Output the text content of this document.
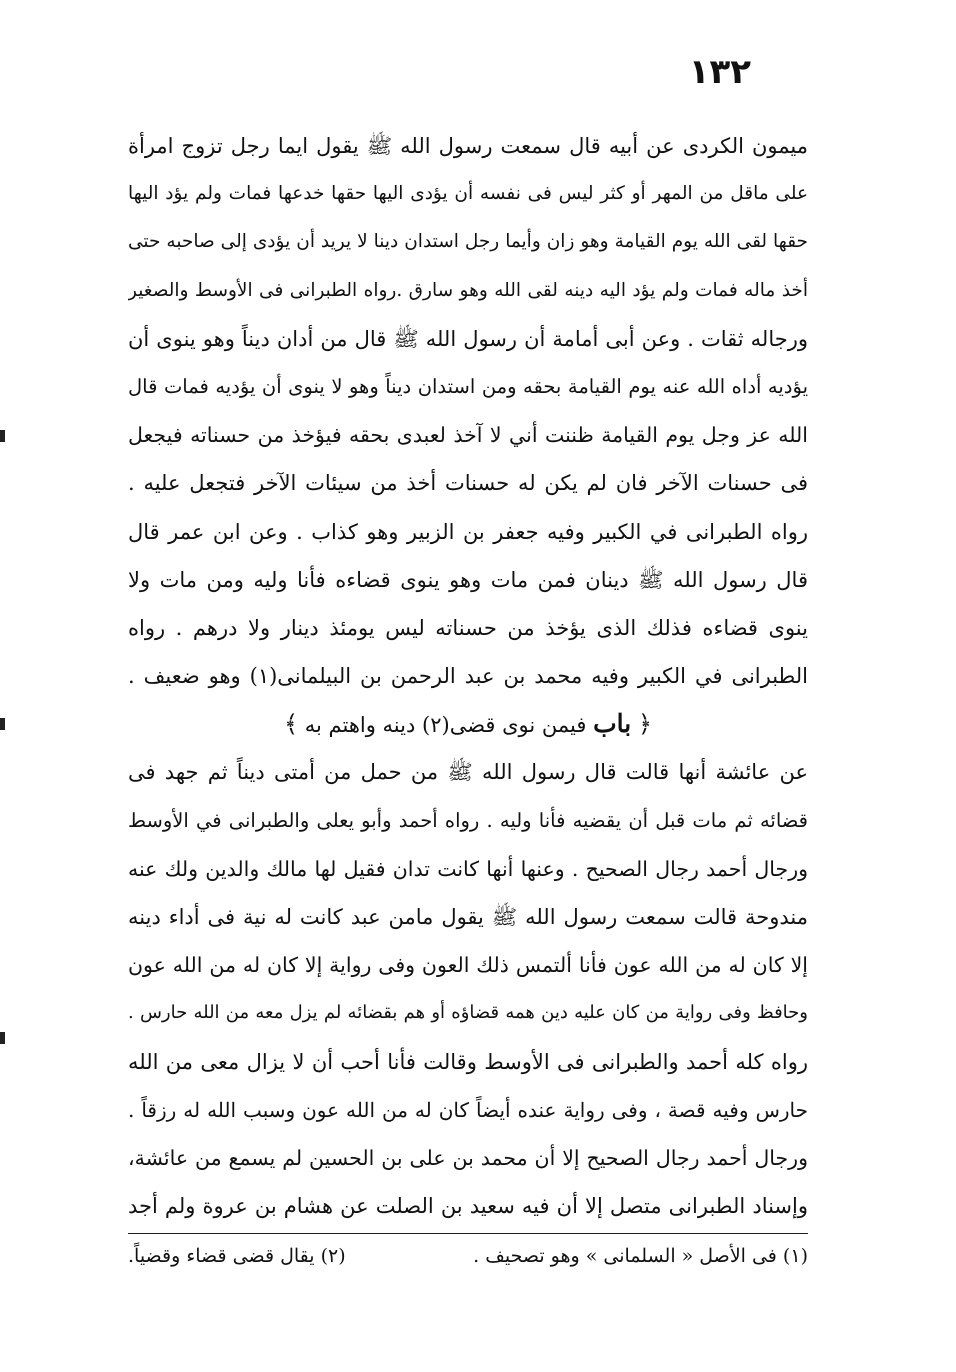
١٣٢
ميمون الكردى عن أبيه قال سمعت رسول الله ﷺ يقول ايما رجل تزوج امرأة
على ماقل من المهر أو كثر ليس فى نفسه أن يؤدى اليها حقها خدعها فمات ولم يؤد اليها
حقها لقى الله يوم القيامة وهو زان وأيما رجل استدان دينا لا يريد أن يؤدى إلى صاحبه حتى
أخذ ماله فمات ولم يؤد اليه دينه لقى الله وهو سارق .رواه الطبرانى فى الأوسط والصغير
ورجاله ثقات . وعن أبى أمامة أن رسول الله ﷺ قال من أدان ديناً وهو ينوى أن
يؤديه أداه الله عنه يوم القيامة بحقه ومن استدان ديناً وهو لا ينوى أن يؤديه فمات قال
الله عز وجل يوم القيامة ظننت أني لا آخذ لعبدى بحقه فيؤخذ من حسناته فيجعل
فى حسنات الآخر فان لم يكن له حسنات أخذ من سيئات الآخر فتجعل عليه .
رواه الطبرانى في الكبير وفيه جعفر بن الزبير وهو كذاب . وعن ابن عمر قال
قال رسول الله ﷺ دينان فمن مات وهو ينوى قضاءه فأنا وليه ومن مات ولا
ينوى قضاءه فذلك الذى يؤخذ من حسناته ليس يومئذ دينار ولا درهم . رواه
الطبرانى في الكبير وفيه محمد بن عبد الرحمن بن البيلمانى(١) وهو ضعيف .
﴿ باب فيمن نوى قضى(٢) دينه واهتم به ﴾
عن عائشة أنها قالت قال رسول الله ﷺ من حمل من أمتى ديناً ثم جهد فى
قضائه ثم مات قبل أن يقضيه فأنا وليه . رواه أحمد وأبو يعلى والطبرانى في الأوسط
ورجال أحمد رجال الصحيح . وعنها أنها كانت تدان فقيل لها مالك والدين ولك عنه
مندوحة قالت سمعت رسول الله ﷺ يقول مامن عبد كانت له نية فى أداء دينه
إلا كان له من الله عون فأنا ألتمس ذلك العون وفى رواية إلا كان له من الله عون
وحافظ وفى رواية من كان عليه دين همه قضاؤه أو هم بقضائه لم يزل معه من الله حارس .
رواه كله أحمد والطبرانى فى الأوسط وقالت فأنا أحب أن لا يزال معى من الله
حارس وفيه قصة ، وفى رواية عنده أيضاً كان له من الله عون وسبب الله له رزقاً .
ورجال أحمد رجال الصحيح إلا أن محمد بن على بن الحسين لم يسمع من عائشة،
وإسناد الطبرانى متصل إلا أن فيه سعيد بن الصلت عن هشام بن عروة ولم أجد
(١) فى الأصل « السلمانى » وهو تصحيف .
(٢) يقال قضى قضاء وقضياً.
